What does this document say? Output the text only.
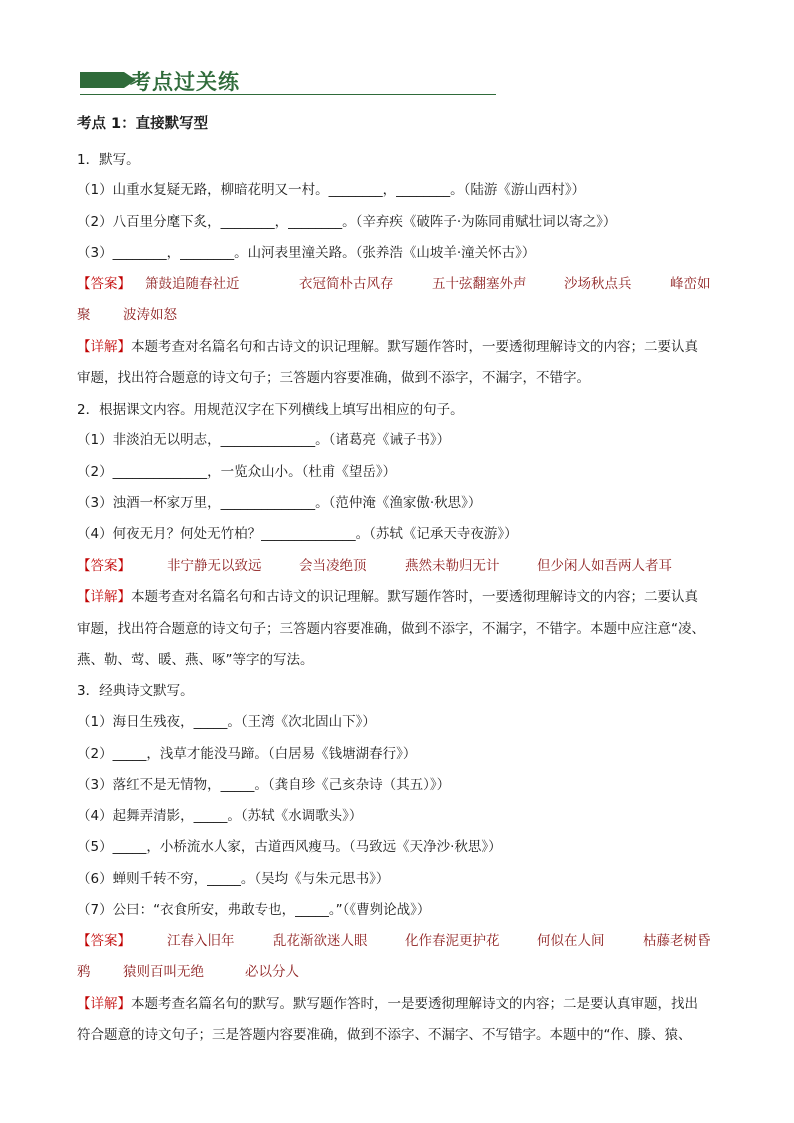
考点过关练
考点 1：直接默写型
1．默写。
（1）山重水复疑无路，柳暗花明又一村。________，________。（陆游《游山西村》）
（2）八百里分麾下炙，________，________。（辛弃疾《破阵子·为陈同甫赋壮词以寄之》）
（3）________，________。山河表里潼关路。（张养浩《山坡羊·潼关怀古》）
【答案】 箫鼓追随春社近	衣冠简朴古风存	五十弦翻塞外声	沙场秋点兵	峰峦如
聚 波涛如怒
【详解】本题考查对名篇名句和古诗文的识记理解。默写题作答时，一要透彻理解诗文的内容；二要认真
审题，找出符合题意的诗文句子；三答题内容要准确，做到不添字，不漏字，不错字。
2．根据课文内容。用规范汉字在下列横线上填写出相应的句子。
（1）非淡泊无以明志，______________。（诸葛亮《诫子书》）
（2）______________，一览众山小。（杜甫《望岳》）
（3）浊酒一杯家万里，______________。（范仲淹《渔家傲·秋思》）
（4）何夜无月？何处无竹柏？______________。（苏轼《记承天寺夜游》）
【答案】	非宁静无以致远	会当凌绝顶	燕然未勒归无计	但少闲人如吾两人者耳
【详解】本题考查对名篇名句和古诗文的识记理解。默写题作答时，一要透彻理解诗文的内容；二要认真
审题，找出符合题意的诗文句子；三答题内容要准确，做到不添字，不漏字，不错字。本题中应注意“凌、
燕、勒、莺、暖、燕、啄”等字的写法。
3．经典诗文默写。
（1）海日生残夜，_____。（王湾《次北固山下》）
（2）_____，浅草才能没马蹄。（白居易《钱塘湖春行》）
（3）落红不是无情物，_____。（龚自珍《己亥杂诗（其五）》）
（4）起舞弄清影，_____。（苏轼《水调歌头》）
（5）_____，小桥流水人家，古道西风瘦马。（马致远《天净沙·秋思》）
（6）蝉则千转不穷，_____。（吴均《与朱元思书》）
（7）公曰：“衣食所安，弗敢专也，_____。”（《曹刿论战》）
【答案】	江春入旧年	乱花渐欲迷人眼	化作春泥更护花	何似在人间	枯藤老树昏
鸦 猿则百叫无绝	必以分人
【详解】本题考查名篇名句的默写。默写题作答时，一是要透彻理解诗文的内容；二是要认真审题，找出
符合题意的诗文句子；三是答题内容要准确，做到不添字、不漏字、不写错字。本题中的“作、滕、猿、
